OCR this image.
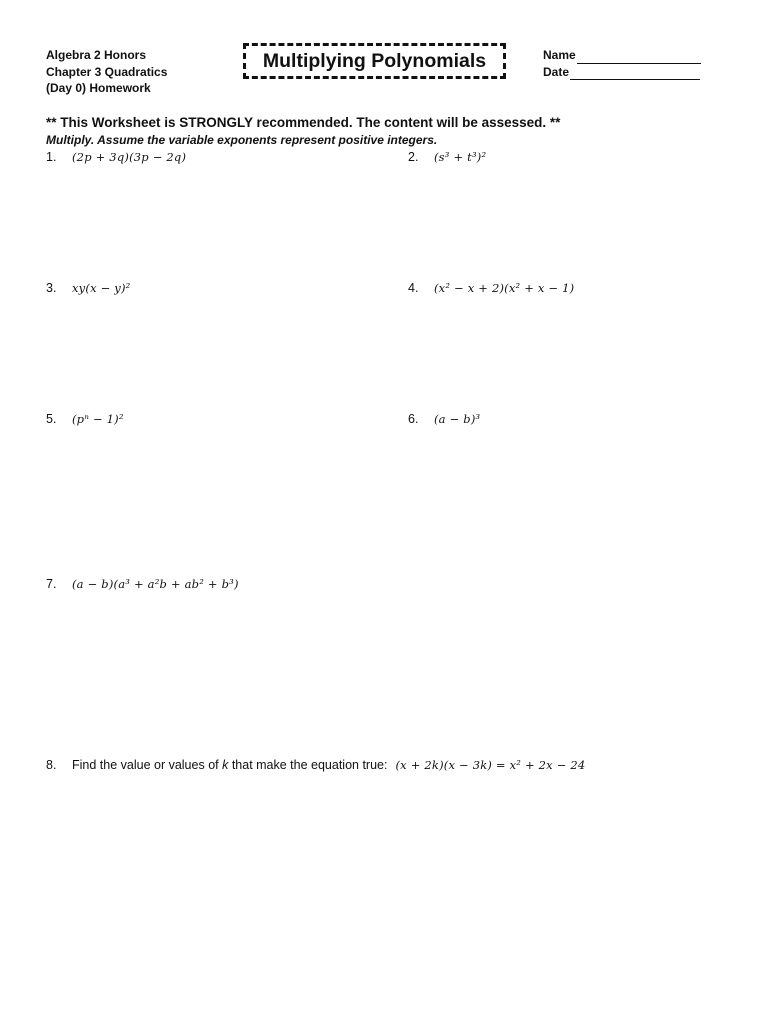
Algebra 2 Honors
Chapter 3 Quadratics
(Day 0) Homework
Multiplying Polynomials	Name
Date
** This Worksheet is STRONGLY recommended. The content will be assessed. **
Multiply. Assume the variable exponents represent positive integers.
1.	(2p + 3q)(3p − 2q)	2.	(s³ + t³)²
3.	xy(x − y)²	4.	(x² − x + 2)(x² + x − 1)
5.	(pⁿ − 1)²	6.	(a − b)³
7.	(a − b)(a³ + a²b + ab² + b³)
8.	Find the value or values of k that make the equation true: (x + 2k)(x − 3k) = x² + 2x − 24
